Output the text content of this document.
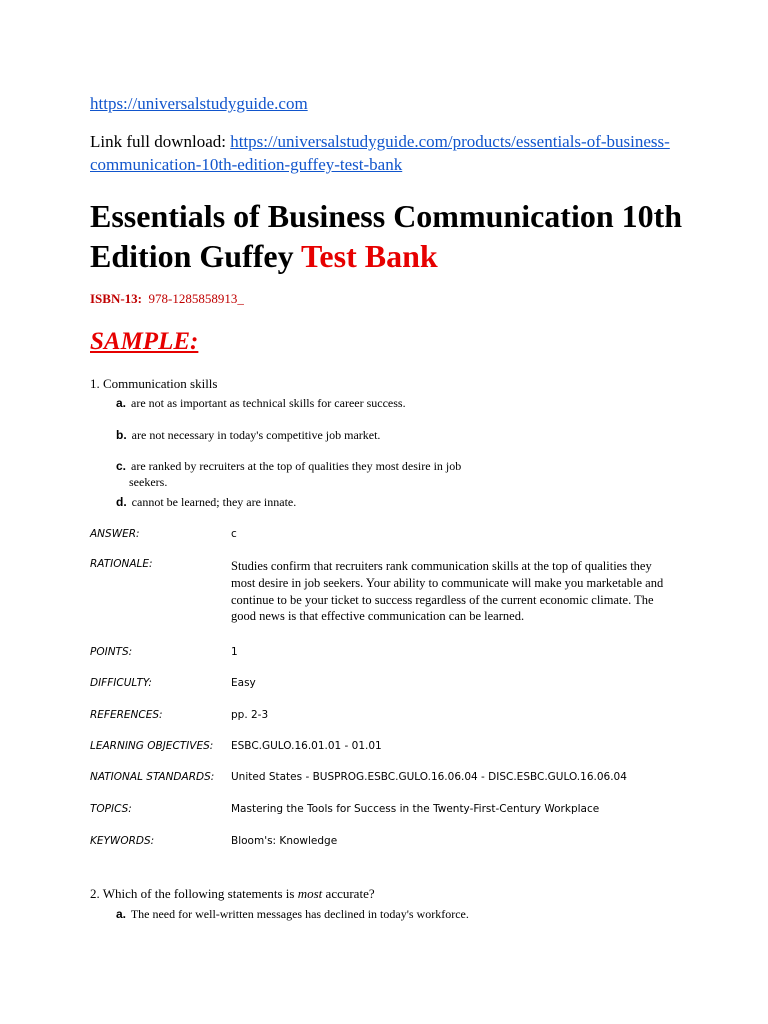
https://universalstudyguide.com
Link full download: https://universalstudyguide.com/products/essentials-of-business-communication-10th-edition-guffey-test-bank
Essentials of Business Communication 10th Edition Guffey Test Bank
ISBN-13: 978-1285858913_
SAMPLE:
1. Communication skills
a. are not as important as technical skills for career success.
b. are not necessary in today's competitive job market.
c. are ranked by recruiters at the top of qualities they most desire in job
seekers.
d. cannot be learned; they are innate.
ANSWER:	c
RATIONALE:	Studies confirm that recruiters rank communication skills at the top of qualities they most desire in job seekers. Your ability to communicate will make you marketable and continue to be your ticket to success regardless of the current economic climate. The good news is that effective communication can be learned.
POINTS:	1
DIFFICULTY:	Easy
REFERENCES:	pp. 2-3
LEARNING OBJECTIVES:	ESBC.GULO.16.01.01 - 01.01
NATIONAL STANDARDS:	United States - BUSPROG.ESBC.GULO.16.06.04 - DISC.ESBC.GULO.16.06.04
TOPICS:	Mastering the Tools for Success in the Twenty-First-Century Workplace
KEYWORDS:	Bloom's: Knowledge
2. Which of the following statements is most accurate?
a. The need for well-written messages has declined in today's workforce.
